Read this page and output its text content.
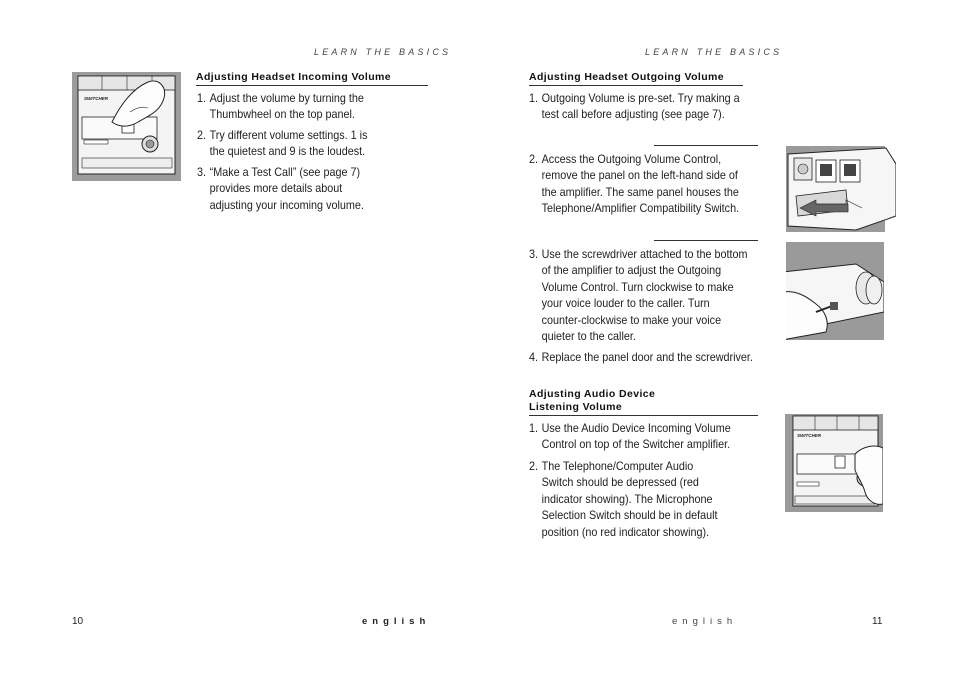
LEARN THE BASICS
SWITCHER
Adjusting Headset Incoming Volume
1. Adjust the volume by turning the Thumbwheel on the top panel.
2. Try different volume settings. 1 is the quietest and 9 is the loudest.
3. “Make a Test Call” (see page 7) provides more details about adjusting your incoming volume.
10	english
LEARN THE BASICS
Adjusting Headset Outgoing Volume
1. Outgoing Volume is pre-set. Try making a test call before adjusting (see page 7).
2. Access the Outgoing Volume Control, remove the panel on the left-hand side of the amplifier. The same panel houses the Telephone/Amplifier Compatibility Switch.
3. Use the screwdriver attached to the bottom of the amplifier to adjust the Outgoing Volume Control. Turn clockwise to make your voice louder to the caller. Turn counter-clockwise to make your voice quieter to the caller.
4. Replace the panel door and the screwdriver.
Adjusting Audio Device
Listening Volume
1. Use the Audio Device Incoming Volume Control on top of the Switcher amplifier.
2. The Telephone/Computer Audio Switch should be depressed (red indicator showing). The Microphone Selection Switch should be in default position (no red indicator showing).
SWITCHER
english	11
